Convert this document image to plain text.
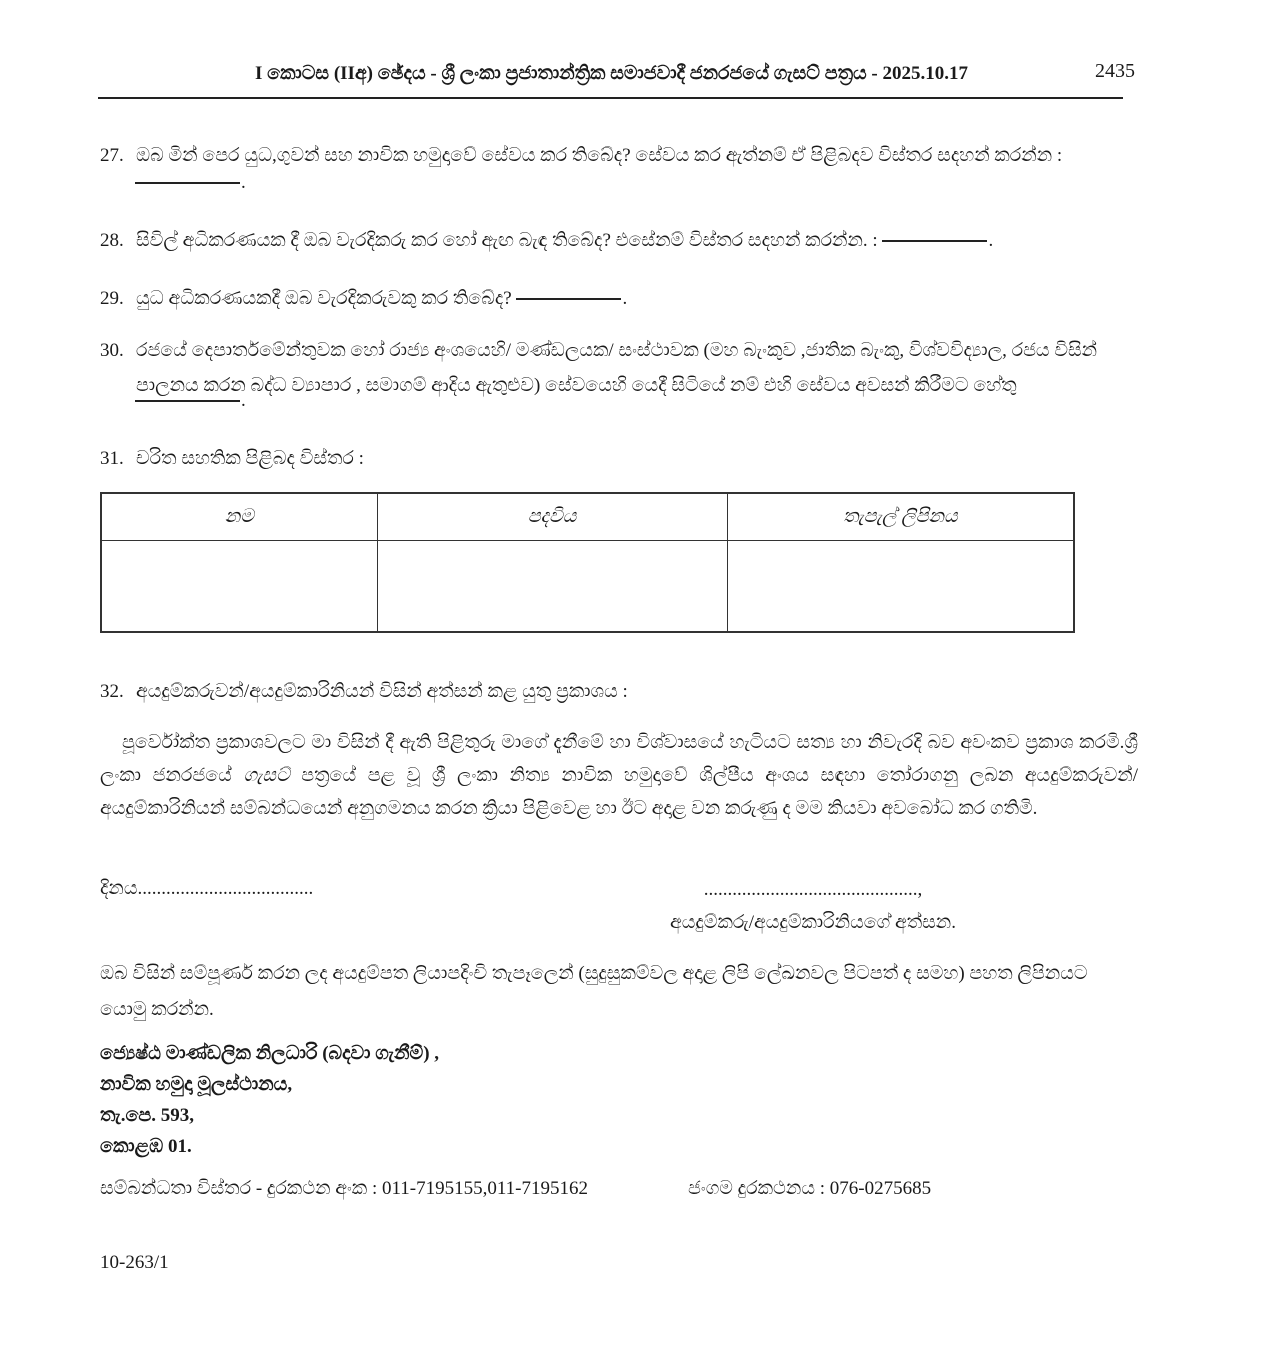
I කොටස (IIඅ) ඡේදය - ශ්‍රී ලංකා ප්‍රජාතාන්ත්‍රික සමාජවාදී ජනරජයේ ගැසට් පත්‍රය - 2025.10.17	2435
27. ඔබ මින් පෙර යුධ,ගුවන් සහ නාවික හමුදාවේ සේවය කර තිබේද? සේවය කර ඇත්නම් ඒ පිළිබදව විස්තර සදහන් කරන්න :
.
28. සිවිල් අධිකරණයක දී ඔබ වැරදිකරු කර හෝ ඇඟ බැඳ තිබේද? එසේනම් විස්තර සදහන් කරන්න. :	.
29. යුධ අධිකරණයකදී ඔබ වැරදිකරුවකු කර තිබේද?	.
30. රජයේ දෙපාර්තමේන්තුවක හෝ රාජ්‍ය අංශයෙහි/ මණ්ඩලයක/ සංස්ථාවක (මහ බැංකුව ,ජාතික බැංකු, විශ්වවිද්‍යාල, රජය විසින් පාලනය කරන බද්ධ ව්‍යාපාර , සමාගම් ආදිය ඇතුළුව) සේවයෙහි යෙදී සිටියේ නම් එහි සේවය අවසන් කිරීමට හේතු
.
31. චරිත සහතික පිළිබද විස්තර :
නම	පදවිය	තැපැල් ලිපිනය

32. අයදුම්කරුවන්/අයදුම්කාරිනියන් විසින් අත්සන් කළ යුතු ප්‍රකාශය :
පූර්වෝක්ත ප්‍රකාශවලට මා විසින් දී ඇති පිළිතුරු මාගේ දැනීමේ හා විශ්වාසයේ හැටියට සත්‍ය හා නිවැරදි බව අවංකව ප්‍රකාශ කරමි.ශ්‍රී ලංකා ජනරජයේ ගැසට් පත්‍රයේ පළ වූ ශ්‍රී ලංකා නිත්‍ය නාවික හමුදාවේ ශිල්පීය අංශය සඳහා තෝරාගනු ලබන අයදුම්කරුවන්/අයදුම්කාරිනියන් සම්බන්ධයෙන් අනුගමනය කරන ක්‍රියා පිළිවෙළ හා ඊට අදාළ වන කරුණු ද මම කියවා අවබෝධ කර ගතිමි.
දිනය.....................................	.............................................,
අයදුම්කරු/අයදුම්කාරිනියගේ අත්සන.
ඔබ විසින් සම්පූර්ණ කරන ලද අයදුම්පත ලියාපදිංචි තැපෑලෙන් (සුදුසුකම්වල අදාළ ලිපි ලේඛනවල පිටපත් ද සමහ) පහත ලිපිනයට යොමු කරන්න.
ජ්‍යෙෂ්ඨ මාණ්ඩලික නිලධාරි (බදවා ගැනීම්) ,
නාවික හමුදා මූලස්ථානය,
තැ.පෙ. 593,
කොළඹ 01.
සම්බන්ධතා විස්තර - දුරකථන අංක : 011-7195155,011-7195162	ජංගම දුරකථනය : 076-0275685
10-263/1
